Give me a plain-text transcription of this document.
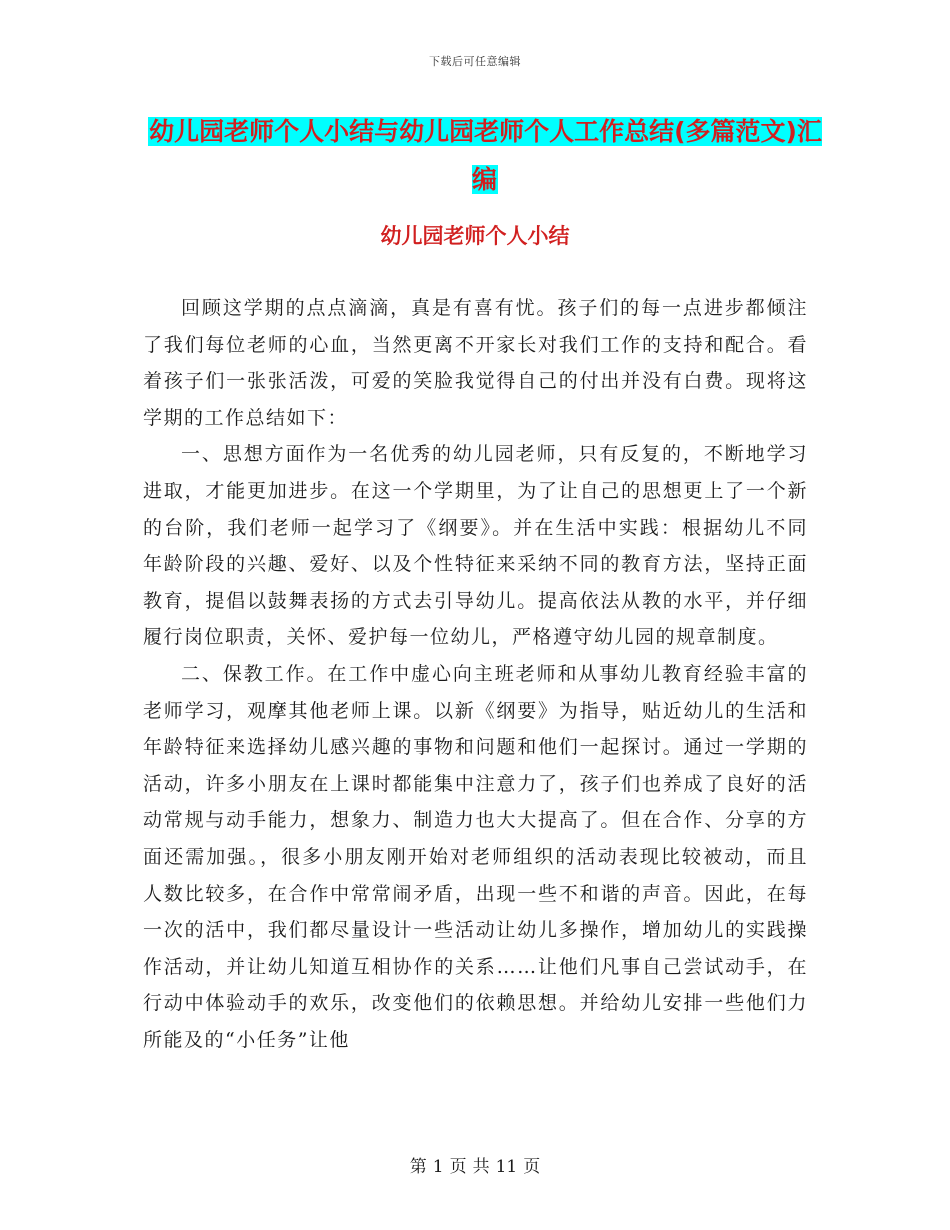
下载后可任意编辑
幼儿园老师个人小结与幼儿园老师个人工作总结(多篇范文)汇编
幼儿园老师个人小结

回顾这学期的点点滴滴，真是有喜有忧。孩子们的每一点进步都倾注了我们每位老师的心血，当然更离不开家长对我们工作的支持和配合。看着孩子们一张张活泼，可爱的笑脸我觉得自己的付出并没有白费。现将这学期的工作总结如下：

一、思想方面作为一名优秀的幼儿园老师，只有反复的，不断地学习进取，才能更加进步。在这一个学期里，为了让自己的思想更上了一个新的台阶，我们老师一起学习了《纲要》。并在生活中实践：根据幼儿不同年龄阶段的兴趣、爱好、以及个性特征来采纳不同的教育方法，坚持正面教育，提倡以鼓舞表扬的方式去引导幼儿。提高依法从教的水平，并仔细履行岗位职责，关怀、爱护每一位幼儿，严格遵守幼儿园的规章制度。

二、保教工作。在工作中虚心向主班老师和从事幼儿教育经验丰富的老师学习，观摩其他老师上课。以新《纲要》为指导，贴近幼儿的生活和年龄特征来选择幼儿感兴趣的事物和问题和他们一起探讨。通过一学期的活动，许多小朋友在上课时都能集中注意力了，孩子们也养成了良好的活动常规与动手能力，想象力、制造力也大大提高了。但在合作、分享的方面还需加强。，很多小朋友刚开始对老师组织的活动表现比较被动，而且人数比较多，在合作中常常闹矛盾，出现一些不和谐的声音。因此，在每一次的活中，我们都尽量设计一些活动让幼儿多操作，增加幼儿的实践操作活动，并让幼儿知道互相协作的关系……让他们凡事自己尝试动手，在行动中体验动手的欢乐，改变他们的依赖思想。并给幼儿安排一些他们力所能及的“小任务”让他

第 1 页 共 11 页
